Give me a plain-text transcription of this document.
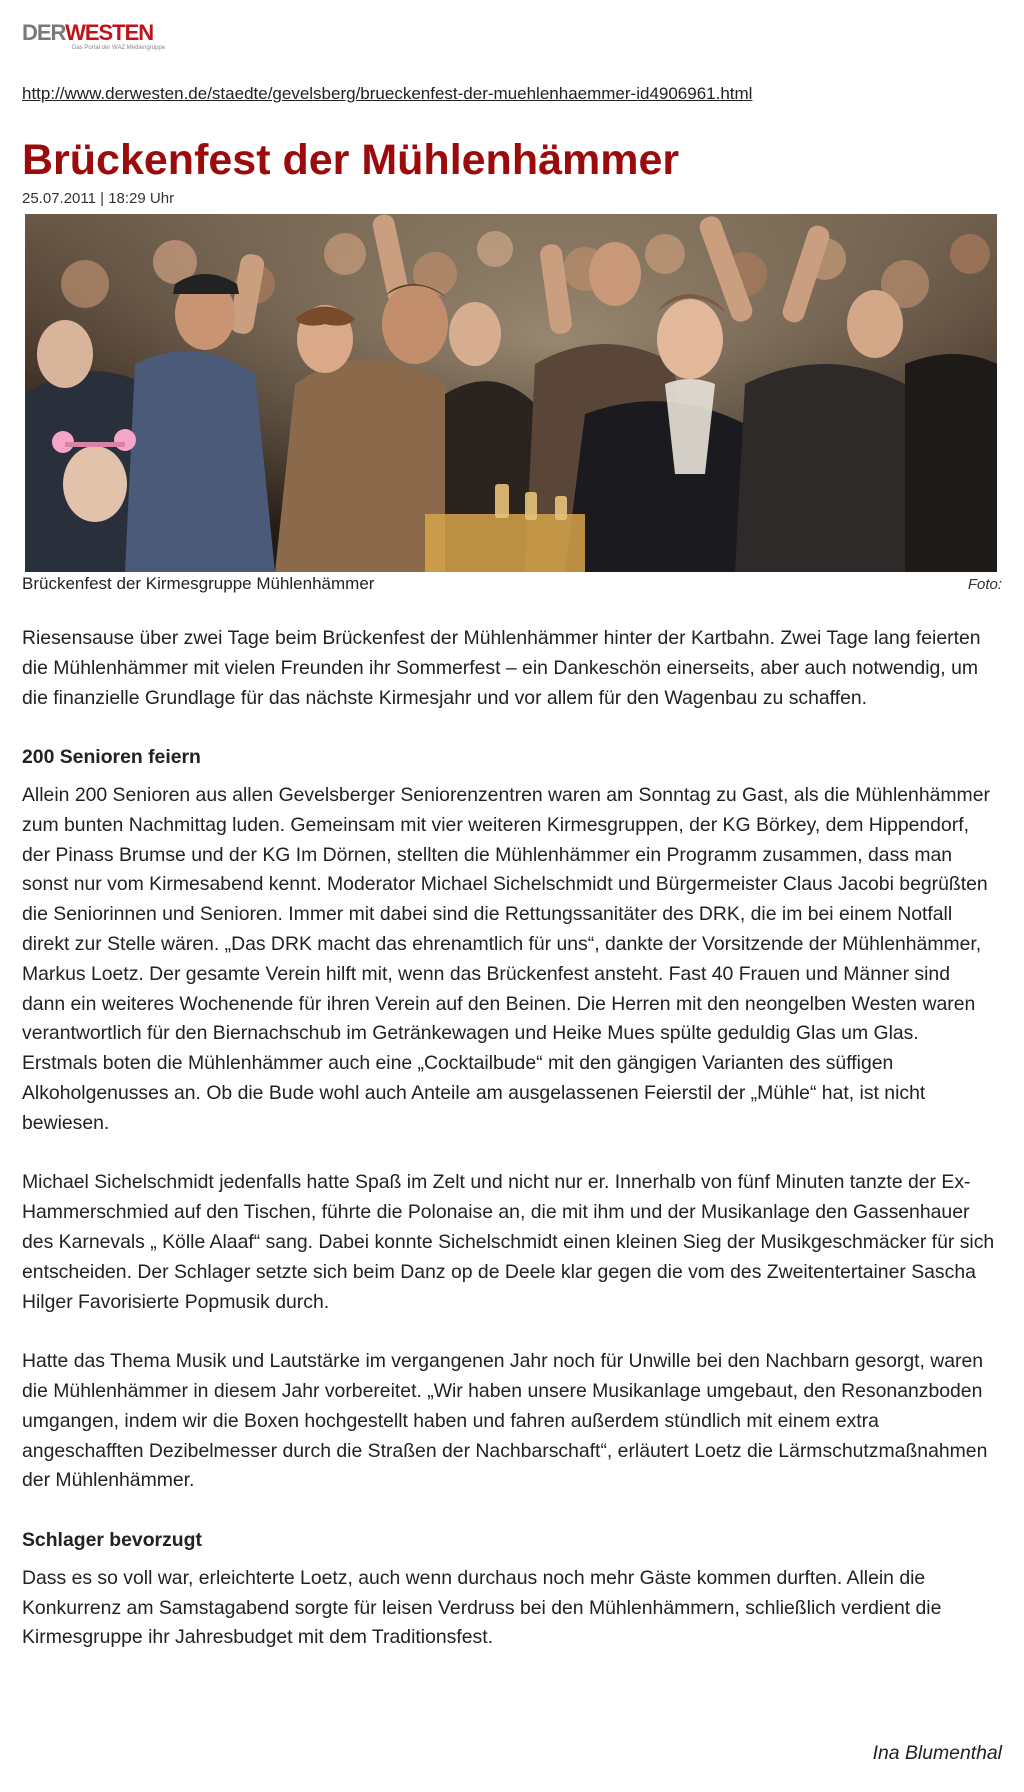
DERWESTEN
Das Portal der WAZ Mediengruppe
http://www.derwesten.de/staedte/gevelsberg/brueckenfest-der-muehlenhaemmer-id4906961.html
Brückenfest der Mühlenhämmer
25.07.2011 | 18:29 Uhr
Brückenfest der Kirmesgruppe Mühlenhämmer	Foto:

Riesensause über zwei Tage beim Brückenfest der Mühlenhämmer hinter der Kartbahn. Zwei Tage lang feierten die Mühlenhämmer mit vielen Freunden ihr Sommerfest – ein Dankeschön einerseits, aber auch notwendig, um die finanzielle Grundlage für das nächste Kirmesjahr und vor allem für den Wagenbau zu schaffen.

200 Senioren feiern

Allein 200 Senioren aus allen Gevelsberger Seniorenzentren waren am Sonntag zu Gast, als die Mühlenhämmer zum bunten Nachmittag luden. Gemeinsam mit vier weiteren Kirmesgruppen, der KG Börkey, dem Hippendorf, der Pinass Brumse und der KG Im Dörnen, stellten die Mühlenhämmer ein Programm zusammen, dass man sonst nur vom Kirmesabend kennt. Moderator Michael Sichelschmidt und Bürgermeister Claus Jacobi begrüßten die Seniorinnen und Senioren. Immer mit dabei sind die Rettungssanitäter des DRK, die im bei einem Notfall direkt zur Stelle wären. „Das DRK macht das ehrenamtlich für uns“, dankte der Vorsitzende der Mühlenhämmer, Markus Loetz. Der gesamte Verein hilft mit, wenn das Brückenfest ansteht. Fast 40 Frauen und Männer sind dann ein weiteres Wochenende für ihren Verein auf den Beinen. Die Herren mit den neongelben Westen waren verantwortlich für den Biernachschub im Getränkewagen und Heike Mues spülte geduldig Glas um Glas. Erstmals boten die Mühlenhämmer auch eine „Cocktailbude“ mit den gängigen Varianten des süffigen Alkoholgenusses an. Ob die Bude wohl auch Anteile am ausgelassenen Feierstil der „Mühle“ hat, ist nicht bewiesen.

Michael Sichelschmidt jedenfalls hatte Spaß im Zelt und nicht nur er. Innerhalb von fünf Minuten tanzte der Ex-Hammerschmied auf den Tischen, führte die Polonaise an, die mit ihm und der Musikanlage den Gassenhauer des Karnevals „ Kölle Alaaf“ sang. Dabei konnte Sichelschmidt einen kleinen Sieg der Musikgeschmäcker für sich entscheiden. Der Schlager setzte sich beim Danz op de Deele klar gegen die vom des Zweitentertainer Sascha Hilger Favorisierte Popmusik durch.

Hatte das Thema Musik und Lautstärke im vergangenen Jahr noch für Unwille bei den Nachbarn gesorgt, waren die Mühlenhämmer in diesem Jahr vorbereitet. „Wir haben unsere Musikanlage umgebaut, den Resonanzboden umgangen, indem wir die Boxen hochgestellt haben und fahren außerdem stündlich mit einem extra angeschafften Dezibelmesser durch die Straßen der Nachbarschaft“, erläutert Loetz die Lärmschutzmaßnahmen der Mühlenhämmer.

Schlager bevorzugt

Dass es so voll war, erleichterte Loetz, auch wenn durchaus noch mehr Gäste kommen durften. Allein die Konkurrenz am Samstagabend sorgte für leisen Verdruss bei den Mühlenhämmern, schließlich verdient die Kirmesgruppe ihr Jahresbudget mit dem Traditionsfest.

Ina Blumenthal
